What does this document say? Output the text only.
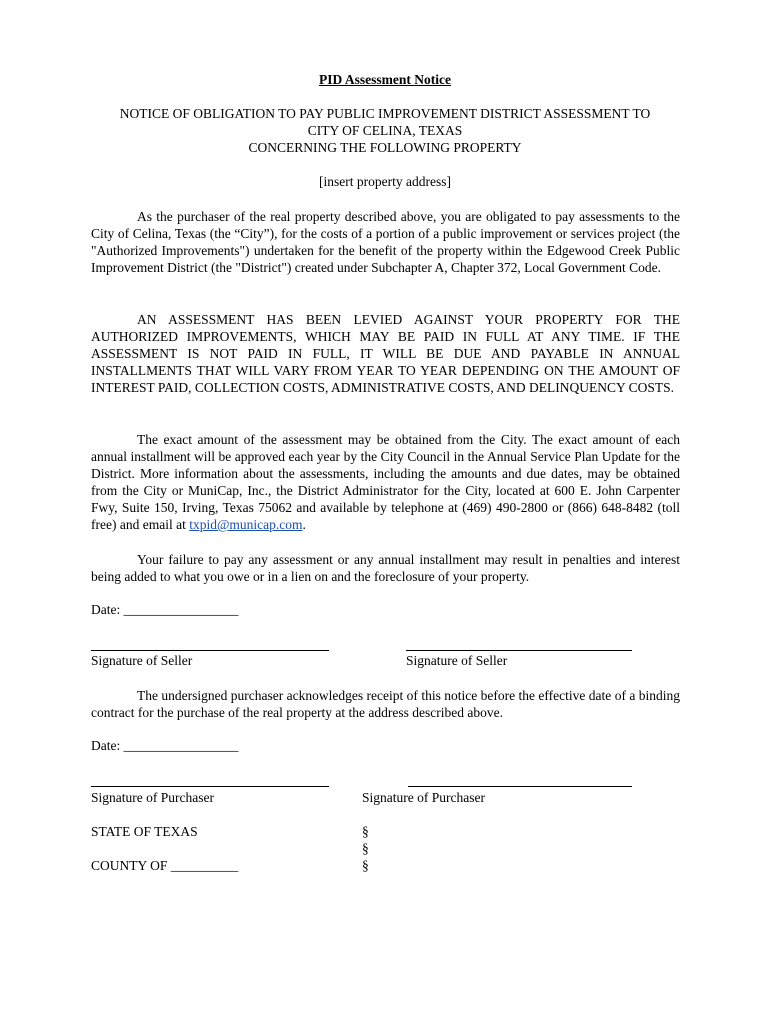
PID Assessment Notice
NOTICE OF OBLIGATION TO PAY PUBLIC IMPROVEMENT DISTRICT ASSESSMENT TO
CITY OF CELINA, TEXAS
CONCERNING THE FOLLOWING PROPERTY
[insert property address]
As the purchaser of the real property described above, you are obligated to pay assessments to the City of Celina, Texas (the “City”), for the costs of a portion of a public improvement or services project (the "Authorized Improvements") undertaken for the benefit of the property within the Edgewood Creek Public Improvement District (the "District") created under Subchapter A, Chapter 372, Local Government Code.
AN ASSESSMENT HAS BEEN LEVIED AGAINST YOUR PROPERTY FOR THE AUTHORIZED IMPROVEMENTS, WHICH MAY BE PAID IN FULL AT ANY TIME. IF THE ASSESSMENT IS NOT PAID IN FULL, IT WILL BE DUE AND PAYABLE IN ANNUAL INSTALLMENTS THAT WILL VARY FROM YEAR TO YEAR DEPENDING ON THE AMOUNT OF INTEREST PAID, COLLECTION COSTS, ADMINISTRATIVE COSTS, AND DELINQUENCY COSTS.
The exact amount of the assessment may be obtained from the City. The exact amount of each annual installment will be approved each year by the City Council in the Annual Service Plan Update for the District. More information about the assessments, including the amounts and due dates, may be obtained from the City or MuniCap, Inc., the District Administrator for the City, located at 600 E. John Carpenter Fwy, Suite 150, Irving, Texas 75062 and available by telephone at (469) 490-2800 or (866) 648-8482 (toll free) and email at txpid@municap.com.
Your failure to pay any assessment or any annual installment may result in penalties and interest being added to what you owe or in a lien on and the foreclosure of your property.
Date: _________________
Signature of Seller	Signature of Seller
The undersigned purchaser acknowledges receipt of this notice before the effective date of a binding contract for the purchase of the real property at the address described above.
Date: _________________
Signature of Purchaser	Signature of Purchaser
STATE OF TEXAS
COUNTY OF __________
§
§
§
